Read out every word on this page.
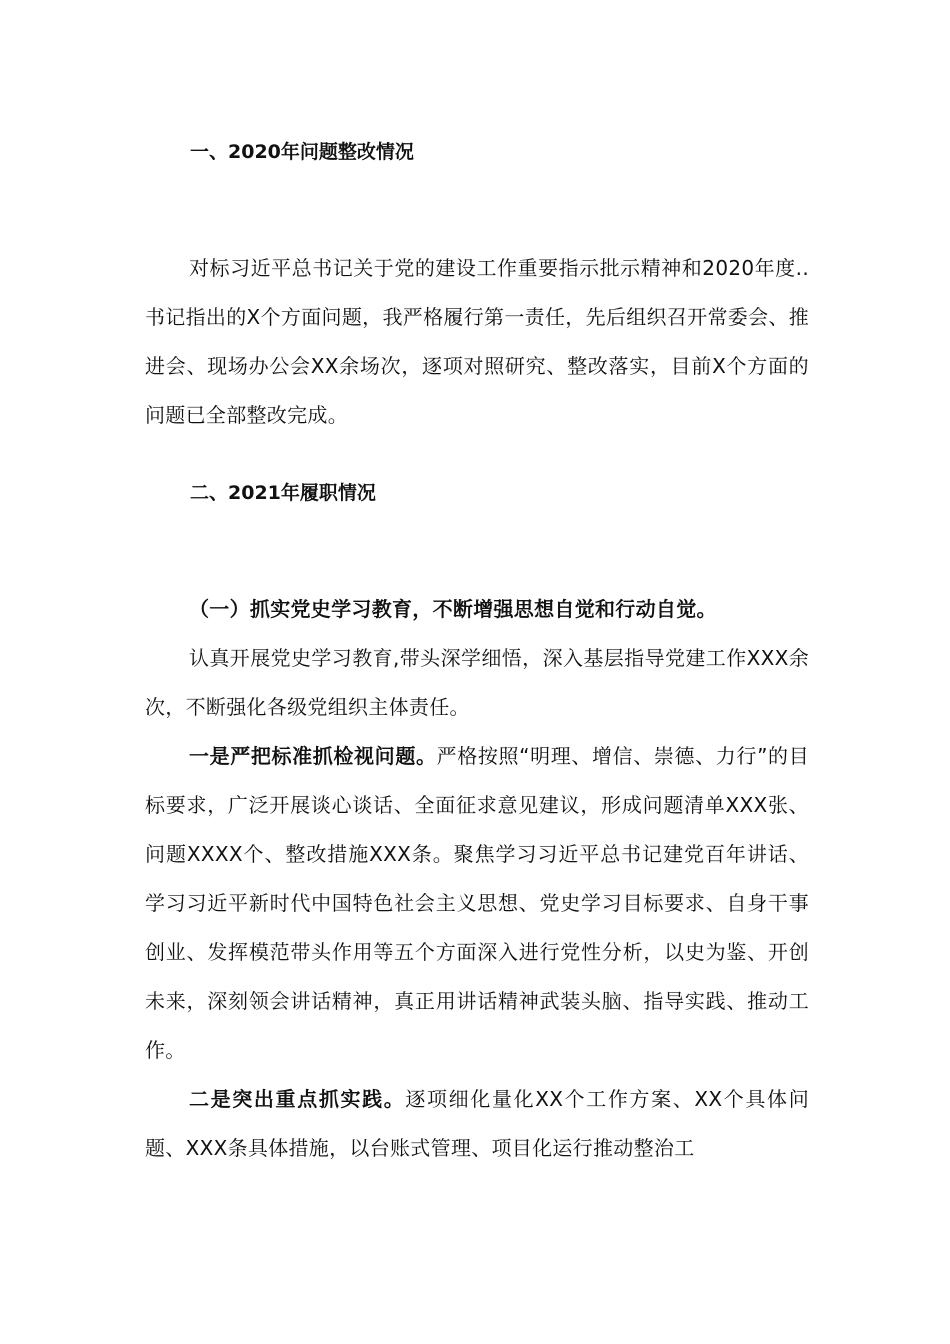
一、2020年问题整改情况

对标习近平总书记关于党的建设工作重要指示批示精神和2020年度..书记指出的X个方面问题，我严格履行第一责任，先后组织召开常委会、推进会、现场办公会XX余场次，逐项对照研究、整改落实，目前X个方面的问题已全部整改完成。

二、2021年履职情况

（一）抓实党史学习教育，不断增强思想自觉和行动自觉。

认真开展党史学习教育,带头深学细悟，深入基层指导党建工作XXX余次，不断强化各级党组织主体责任。

一是严把标准抓检视问题。严格按照“明理、增信、崇德、力行”的目标要求，广泛开展谈心谈话、全面征求意见建议，形成问题清单XXX张、问题XXXX个、整改措施XXX条。聚焦学习习近平总书记建党百年讲话、学习习近平新时代中国特色社会主义思想、党史学习目标要求、自身干事创业、发挥模范带头作用等五个方面深入进行党性分析，以史为鉴、开创未来，深刻领会讲话精神，真正用讲话精神武装头脑、指导实践、推动工作。

二是突出重点抓实践。逐项细化量化XX个工作方案、XX个具体问题、XXX条具体措施，以台账式管理、项目化运行推动整治工
